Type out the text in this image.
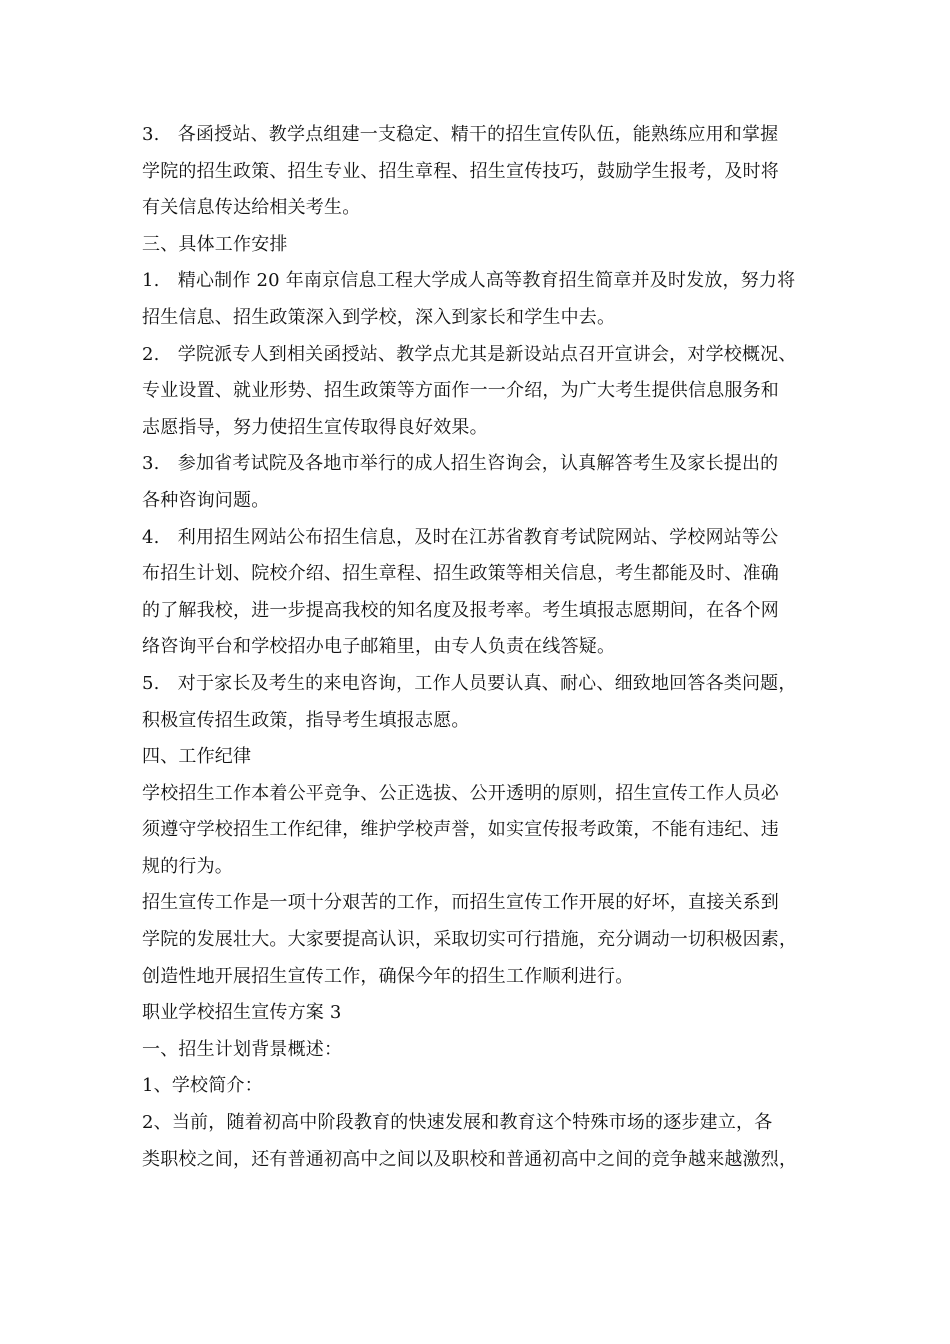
3.　各函授站、教学点组建一支稳定、精干的招生宣传队伍，能熟练应用和掌握
学院的招生政策、招生专业、招生章程、招生宣传技巧，鼓励学生报考，及时将
有关信息传达给相关考生。
三、具体工作安排
1.　精心制作 20 年南京信息工程大学成人高等教育招生简章并及时发放，努力将
招生信息、招生政策深入到学校，深入到家长和学生中去。
2.　学院派专人到相关函授站、教学点尤其是新设站点召开宣讲会，对学校概况、
专业设置、就业形势、招生政策等方面作一一介绍，为广大考生提供信息服务和
志愿指导，努力使招生宣传取得良好效果。
3.　参加省考试院及各地市举行的成人招生咨询会，认真解答考生及家长提出的
各种咨询问题。
4.　利用招生网站公布招生信息，及时在江苏省教育考试院网站、学校网站等公
布招生计划、院校介绍、招生章程、招生政策等相关信息，考生都能及时、准确
的了解我校，进一步提高我校的知名度及报考率。考生填报志愿期间，在各个网
络咨询平台和学校招办电子邮箱里，由专人负责在线答疑。
5.　对于家长及考生的来电咨询，工作人员要认真、耐心、细致地回答各类问题，
积极宣传招生政策，指导考生填报志愿。
四、工作纪律
学校招生工作本着公平竞争、公正选拔、公开透明的原则，招生宣传工作人员必
须遵守学校招生工作纪律，维护学校声誉，如实宣传报考政策，不能有违纪、违
规的行为。
招生宣传工作是一项十分艰苦的工作，而招生宣传工作开展的好坏，直接关系到
学院的发展壮大。大家要提高认识，采取切实可行措施，充分调动一切积极因素，
创造性地开展招生宣传工作，确保今年的招生工作顺利进行。
职业学校招生宣传方案 3
一、招生计划背景概述：
1、学校简介：
2、当前，随着初高中阶段教育的快速发展和教育这个特殊市场的逐步建立，各
类职校之间，还有普通初高中之间以及职校和普通初高中之间的竞争越来越激烈，
